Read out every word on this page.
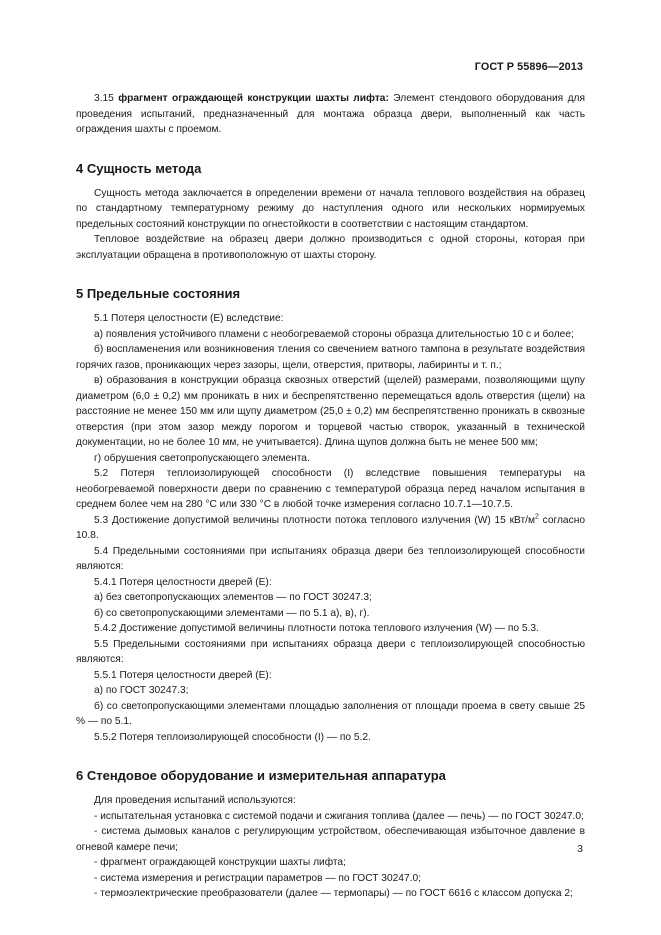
ГОСТ Р 55896—2013

3.15 фрагмент ограждающей конструкции шахты лифта: Элемент стендового оборудования для проведения испытаний, предназначенный для монтажа образца двери, выполненный как часть ограждения шахты с проемом.

4 Сущность метода

Сущность метода заключается в определении времени от начала теплового воздействия на образец по стандартному температурному режиму до наступления одного или нескольких нормируемых предельных состояний конструкции по огнестойкости в соответствии с настоящим стандартом.

Тепловое воздействие на образец двери должно производиться с одной стороны, которая при эксплуатации обращена в противоположную от шахты сторону.

5 Предельные состояния

5.1 Потеря целостности (Е) вследствие:

а) появления устойчивого пламени с необогреваемой стороны образца длительностью 10 с и более;

б) воспламенения или возникновения тления со свечением ватного тампона в результате воздействия горячих газов, проникающих через зазоры, щели, отверстия, притворы, лабиринты и т. п.;

в) образования в конструкции образца сквозных отверстий (щелей) размерами, позволяющими щупу диаметром (6,0 ± 0,2) мм проникать в них и беспрепятственно перемещаться вдоль отверстия (щели) на расстояние не менее 150 мм или щупу диаметром (25,0 ± 0,2) мм беспрепятственно проникать в сквозные отверстия (при этом зазор между порогом и торцевой частью створок, указанный в технической документации, но не более 10 мм, не учитывается). Длина щупов должна быть не менее 500 мм;

г) обрушения светопропускающего элемента.

5.2 Потеря теплоизолирующей способности (I) вследствие повышения температуры на необогреваемой поверхности двери по сравнению с температурой образца перед началом испытания в среднем более чем на 280 °С или 330 °С в любой точке измерения согласно 10.7.1—10.7.5.

5.3 Достижение допустимой величины плотности потока теплового излучения (W) 15 кВт/$м^2$ согласно 10.8.

5.4 Предельными состояниями при испытаниях образца двери без теплоизолирующей способности являются:

5.4.1 Потеря целостности дверей (Е):

а) без светопропускающих элементов — по ГОСТ 30247.3;

б) со светопропускающими элементами — по 5.1 а), в), г).

5.4.2 Достижение допустимой величины плотности потока теплового излучения (W) — по 5.3.

5.5 Предельными состояниями при испытаниях образца двери с теплоизолирующей способностью являются:

5.5.1 Потеря целостности дверей (Е):

а) по ГОСТ 30247.3;

б) со светопропускающими элементами площадью заполнения от площади проема в свету свыше 25 % — по 5.1.

5.5.2 Потеря теплоизолирующей способности (I) — по 5.2.

6 Стендовое оборудование и измерительная аппаратура

Для проведения испытаний используются:

- испытательная установка с системой подачи и сжигания топлива (далее — печь) — по ГОСТ 30247.0;

- система дымовых каналов с регулирующим устройством, обеспечивающая избыточное давление в огневой камере печи;

- фрагмент ограждающей конструкции шахты лифта;

- система измерения и регистрации параметров — по ГОСТ 30247.0;

- термоэлектрические преобразователи (далее — термопары) — по ГОСТ 6616 с классом допуска 2;

3
